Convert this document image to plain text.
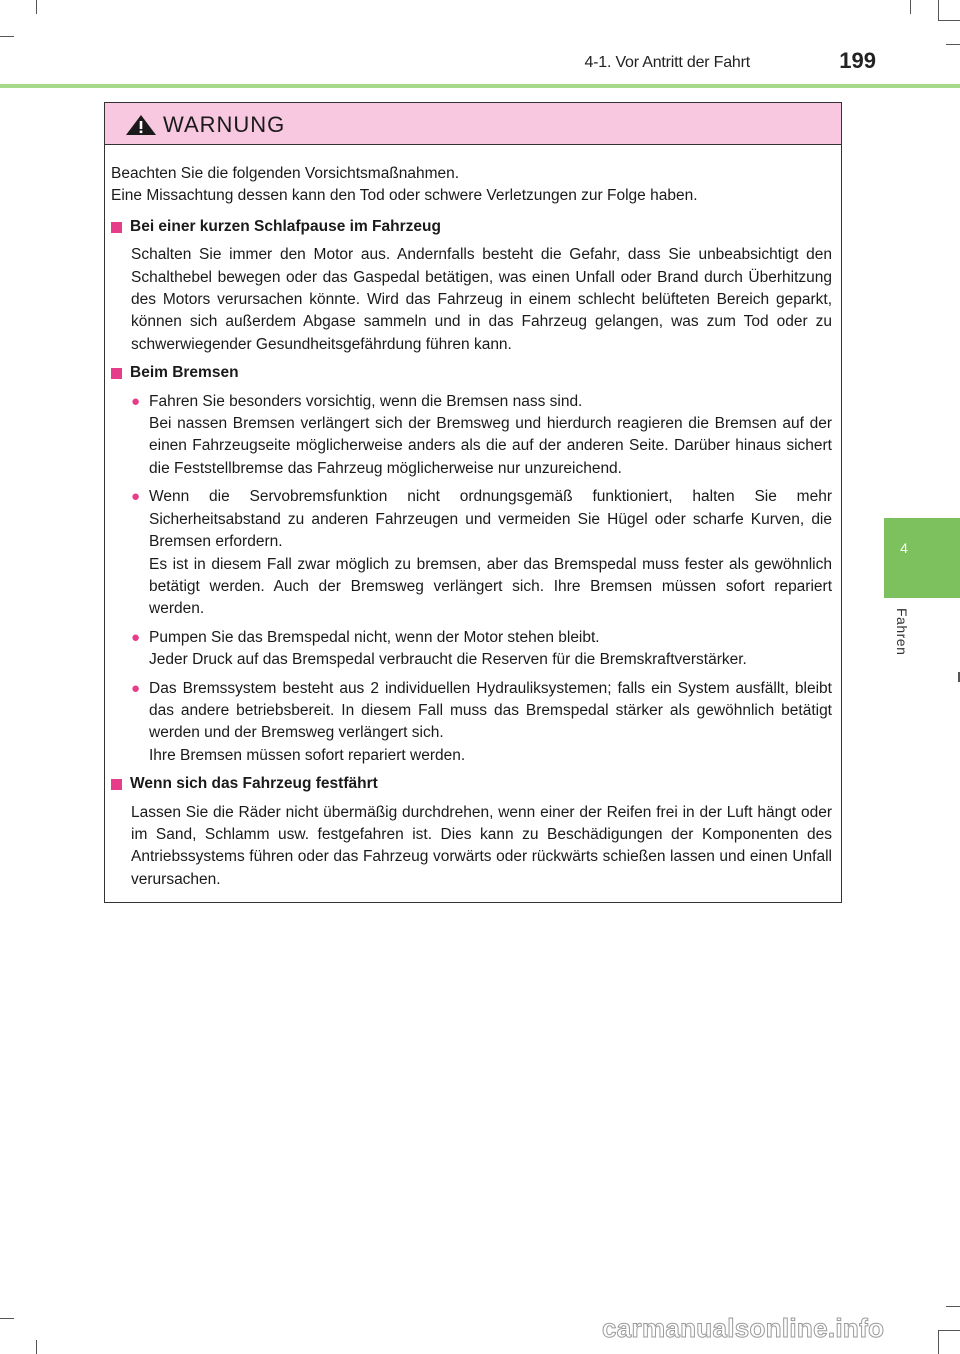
4-1. Vor Antritt der Fahrt	199
4
Fahren
WARNUNG

Beachten Sie die folgenden Vorsichtsmaßnahmen.

Eine Missachtung dessen kann den Tod oder schwere Verletzungen zur Folge haben.

Bei einer kurzen Schlafpause im Fahrzeug

Schalten Sie immer den Motor aus. Andernfalls besteht die Gefahr, dass Sie unbeabsichtigt den Schalthebel bewegen oder das Gaspedal betätigen, was einen Unfall oder Brand durch Überhitzung des Motors verursachen könnte. Wird das Fahrzeug in einem schlecht belüfteten Bereich geparkt, können sich außerdem Abgase sammeln und in das Fahrzeug gelangen, was zum Tod oder zu schwerwiegender Gesundheitsgefährdung führen kann.

Beim Bremsen
● Fahren Sie besonders vorsichtig, wenn die Bremsen nass sind.

Bei nassen Bremsen verlängert sich der Bremsweg und hierdurch reagieren die Bremsen auf der einen Fahrzeugseite möglicherweise anders als die auf der anderen Seite. Darüber hinaus sichert die Feststellbremse das Fahrzeug möglicherweise nur unzureichend.

● Wenn die Servobremsfunktion nicht ordnungsgemäß funktioniert, halten Sie mehr Sicherheitsabstand zu anderen Fahrzeugen und vermeiden Sie Hügel oder scharfe Kurven, die Bremsen erfordern.

Es ist in diesem Fall zwar möglich zu bremsen, aber das Bremspedal muss fester als gewöhnlich betätigt werden. Auch der Bremsweg verlängert sich. Ihre Bremsen müssen sofort repariert werden.

● Pumpen Sie das Bremspedal nicht, wenn der Motor stehen bleibt.

Jeder Druck auf das Bremspedal verbraucht die Reserven für die Bremskraftverstärker.

● Das Bremssystem besteht aus 2 individuellen Hydrauliksystemen; falls ein System ausfällt, bleibt das andere betriebsbereit. In diesem Fall muss das Bremspedal stärker als gewöhnlich betätigt werden und der Bremsweg verlängert sich.

Ihre Bremsen müssen sofort repariert werden.

Wenn sich das Fahrzeug festfährt

Lassen Sie die Räder nicht übermäßig durchdrehen, wenn einer der Reifen frei in der Luft hängt oder im Sand, Schlamm usw. festgefahren ist. Dies kann zu Beschädigungen der Komponenten des Antriebssystems führen oder das Fahrzeug vorwärts oder rückwärts schießen lassen und einen Unfall verursachen.

carmanualsonline.info
